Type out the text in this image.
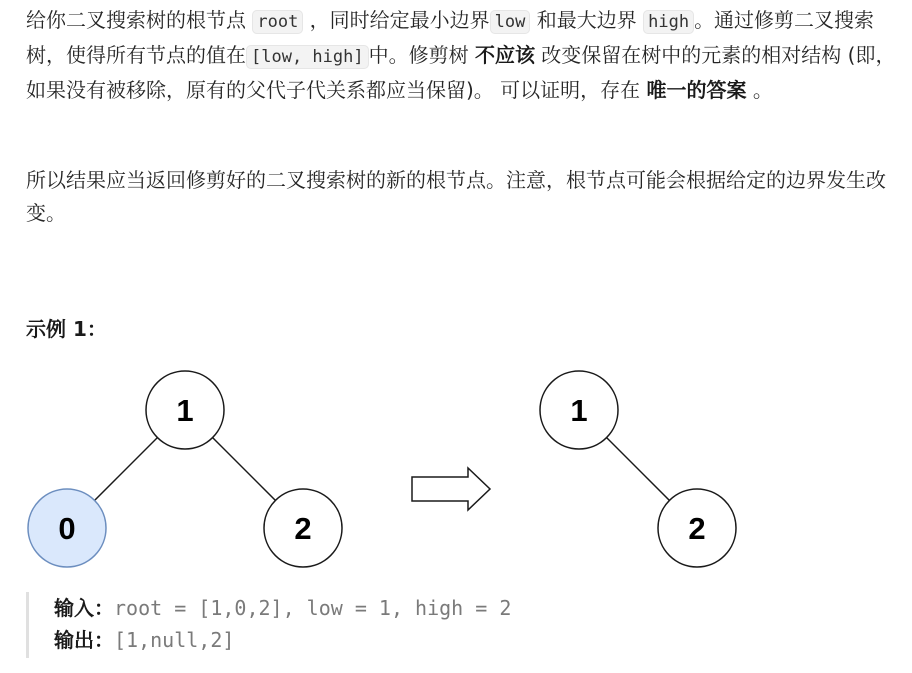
给你二叉搜索树的根节点 root ，同时给定最小边界 low 和最大边界 high 。通过修剪二叉搜索树，使得所有节点的值在 [low, high] 中。修剪树 不应该 改变保留在树中的元素的相对结构 (即，如果没有被移除，原有的父代子代关系都应当保留)。 可以证明，存在 唯一的答案 。

所以结果应当返回修剪好的二叉搜索树的新的根节点。注意，根节点可能会根据给定的边界发生改变。

示例 1：

1
0	2
1
2

输入：root = [1,0,2], low = 1, high = 2

输出：[1,null,2]
